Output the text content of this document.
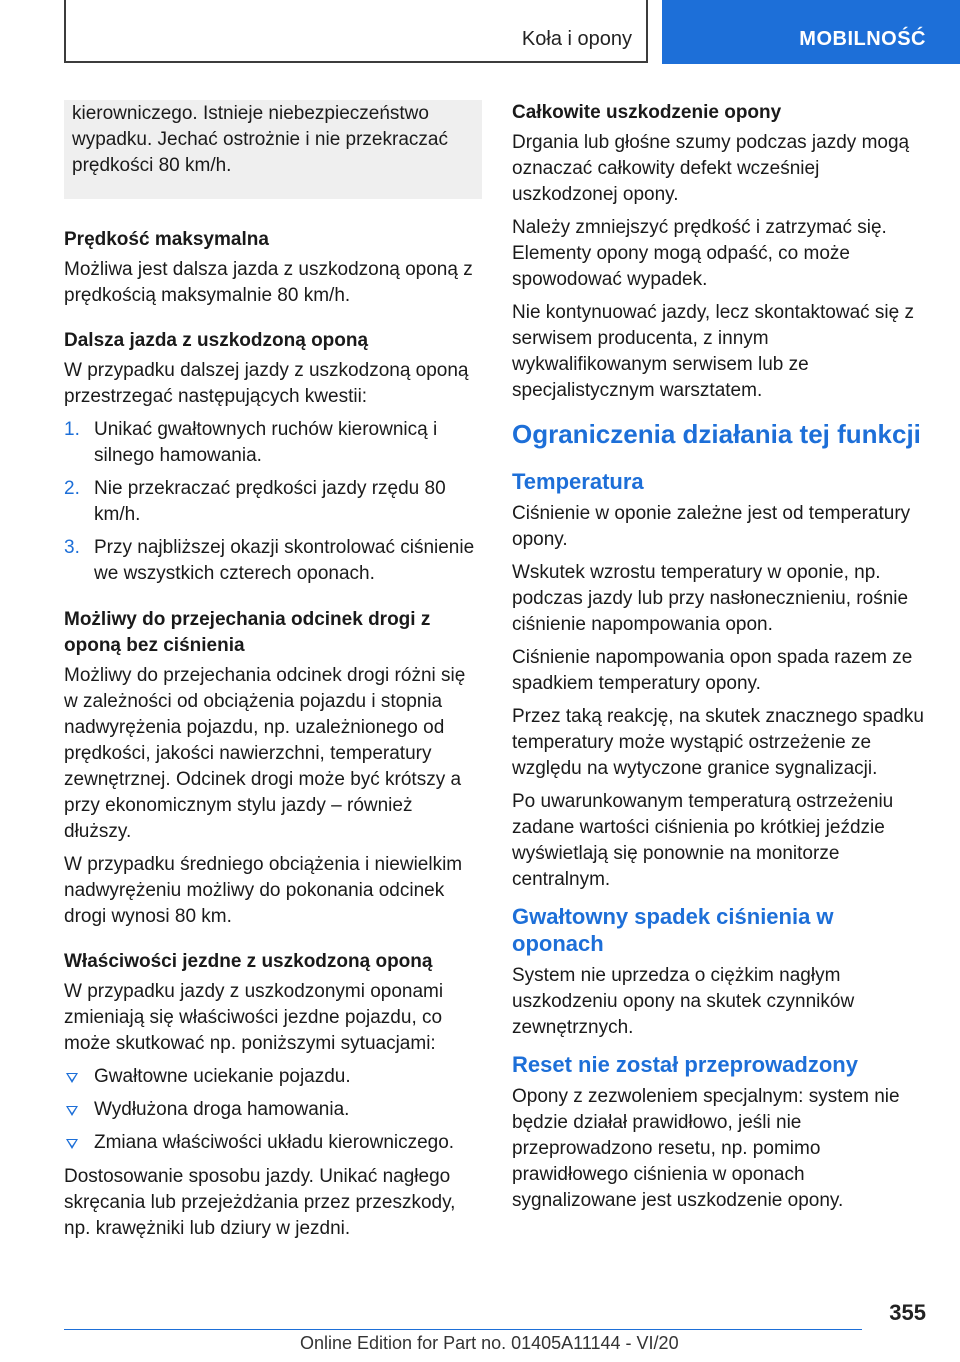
Koła i opony	MOBILNOŚĆ

kierowniczego. Istnieje niebezpieczeństwo wypadku. Jechać ostrożnie i nie przekraczać prędkości 80 km/h.

Prędkość maksymalna

Możliwa jest dalsza jazda z uszkodzoną oponą z prędkością maksymalnie 80 km/h.

Dalsza jazda z uszkodzoną oponą

W przypadku dalszej jazdy z uszkodzoną oponą przestrzegać następujących kwestii:

1. Unikać gwałtownych ruchów kierownicą i silnego hamowania.
2. Nie przekraczać prędkości jazdy rzędu 80 km/h.
3. Przy najbliższej okazji skontrolować ciśnienie we wszystkich czterech oponach.
Możliwy do przejechania odcinek drogi z oponą bez ciśnienia

Możliwy do przejechania odcinek drogi różni się w zależności od obciążenia pojazdu i stopnia nadwyrężenia pojazdu, np. uzależnionego od prędkości, jakości nawierzchni, temperatury zewnętrznej. Odcinek drogi może być krótszy a przy ekonomicznym stylu jazdy – również dłuższy.

W przypadku średniego obciążenia i niewielkim nadwyrężeniu możliwy do pokonania odcinek drogi wynosi 80 km.

Właściwości jezdne z uszkodzoną oponą

W przypadku jazdy z uszkodzonymi oponami zmieniają się właściwości jezdne pojazdu, co może skutkować np. poniższymi sytuacjami:

Gwałtowne uciekanie pojazdu.
Wydłużona droga hamowania.
Zmiana właściwości układu kierowniczego.

Dostosowanie sposobu jazdy. Unikać nagłego skręcania lub przejeżdżania przez przeszkody, np. krawężniki lub dziury w jezdni.

Całkowite uszkodzenie opony

Drgania lub głośne szumy podczas jazdy mogą oznaczać całkowity defekt wcześniej uszkodzonej opony.

Należy zmniejszyć prędkość i zatrzymać się. Elementy opony mogą odpaść, co może spowodować wypadek.

Nie kontynuować jazdy, lecz skontaktować się z serwisem producenta, z innym wykwalifikowanym serwisem lub ze specjalistycznym warsztatem.

Ograniczenia działania tej funkcji
Temperatura

Ciśnienie w oponie zależne jest od temperatury opony.

Wskutek wzrostu temperatury w oponie, np. podczas jazdy lub przy nasłonecznieniu, rośnie ciśnienie napompowania opon.

Ciśnienie napompowania opon spada razem ze spadkiem temperatury opony.

Przez taką reakcję, na skutek znacznego spadku temperatury może wystąpić ostrzeżenie ze względu na wytyczone granice sygnalizacji.

Po uwarunkowanym temperaturą ostrzeżeniu zadane wartości ciśnienia po krótkiej jeździe wyświetlają się ponownie na monitorze centralnym.

Gwałtowny spadek ciśnienia w oponach

System nie uprzedza o ciężkim nagłym uszkodzeniu opony na skutek czynników zewnętrznych.

Reset nie został przeprowadzony

Opony z zezwoleniem specjalnym: system nie będzie działał prawidłowo, jeśli nie przeprowadzono resetu, np. pomimo prawidłowego ciśnienia w oponach sygnalizowane jest uszkodzenie opony.

355
Online Edition for Part no. 01405A11144 - VI/20
